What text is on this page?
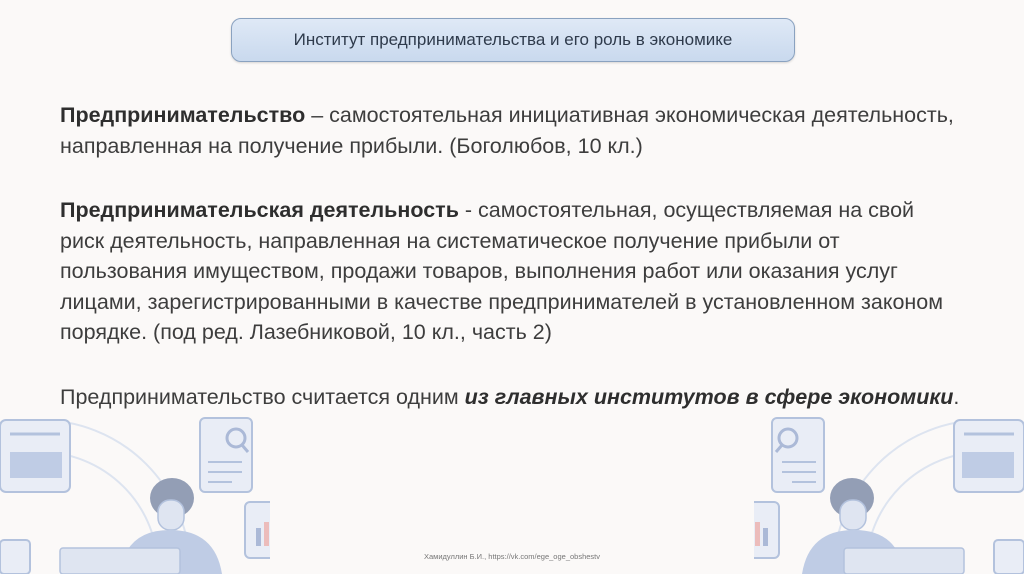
Институт предпринимательства и его роль в экономике

Предпринимательство – самостоятельная инициативная экономическая деятельность, направленная на получение прибыли. (Боголюбов, 10 кл.)

Предпринимательская деятельность - самостоятельная, осуществляемая на свой риск деятельность, направленная на систематическое получение прибыли от пользования имуществом, продажи товаров, выполнения работ или оказания услуг лицами, зарегистрированными в качестве предпринимателей в установленном законом порядке. (под ред. Лазебниковой, 10 кл., часть 2)

Предпринимательство считается одним из главных институтов в сфере экономики.

Хамидуллин Б.И., https://vk.com/ege_oge_obshestv
